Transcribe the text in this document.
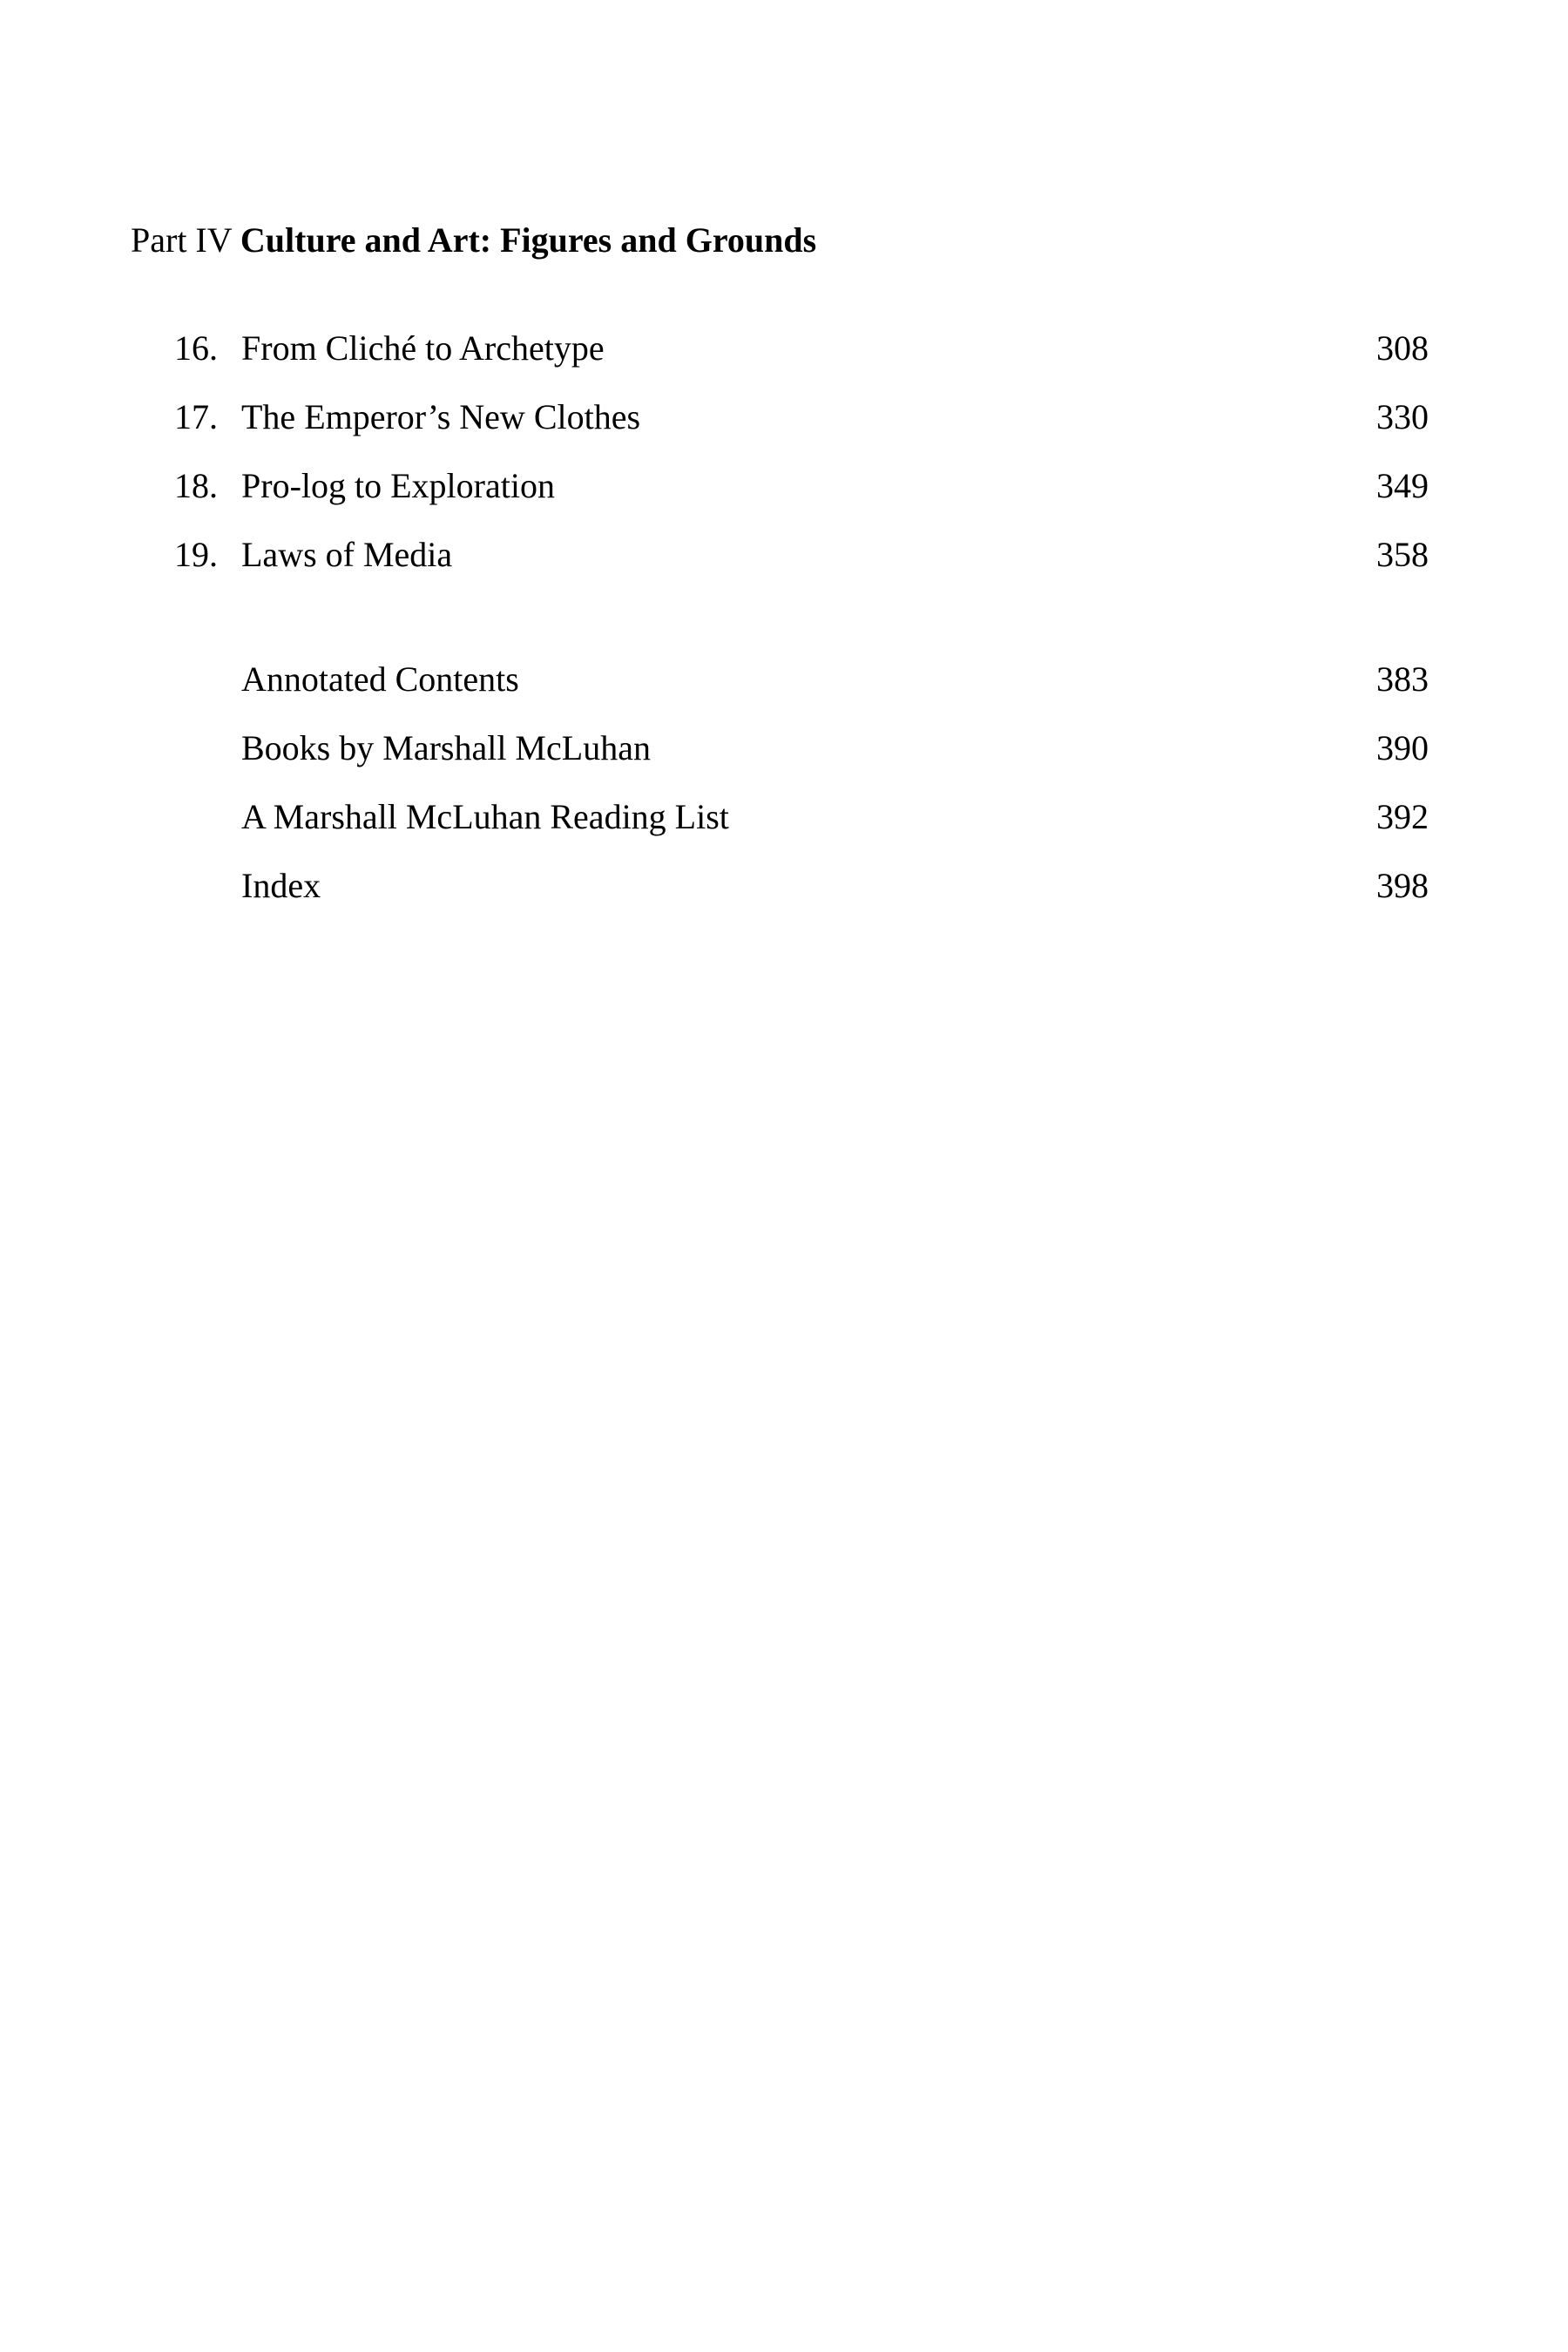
Part IV Culture and Art: Figures and Grounds
16. From Cliché to Archetype	308
17. The Emperor’s New Clothes	330
18. Pro-log to Exploration	349
19. Laws of Media	358
Annotated Contents	383
Books by Marshall McLuhan	390
A Marshall McLuhan Reading List	392
Index	398
